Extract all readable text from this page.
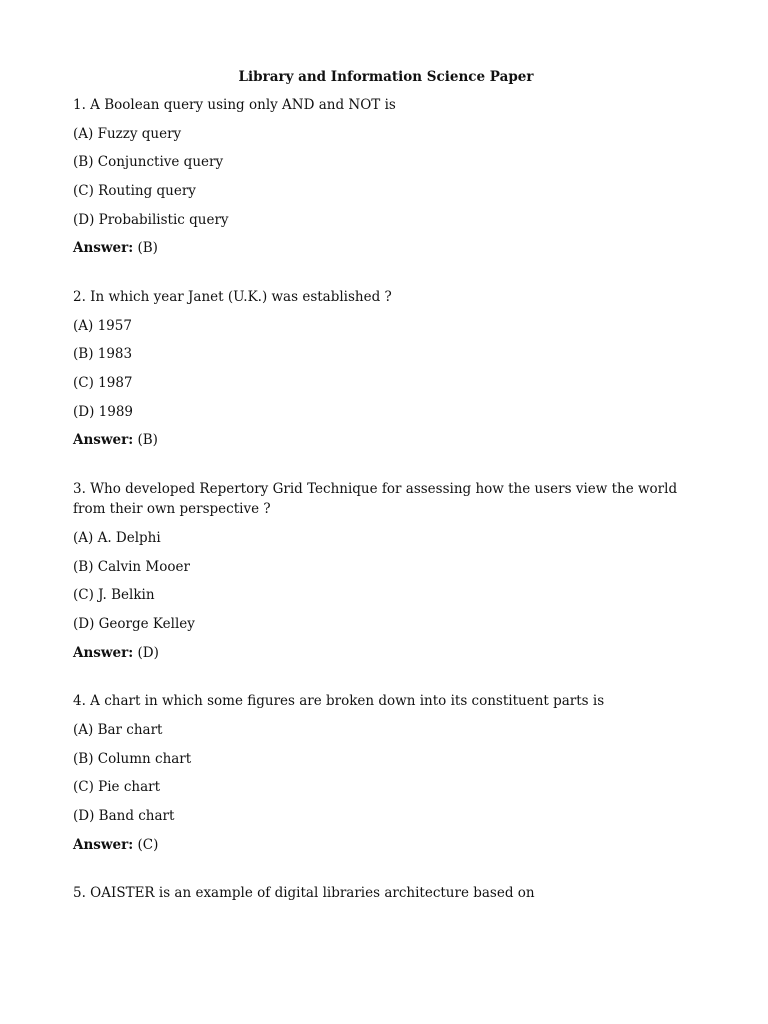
Library and Information Science Paper

1. A Boolean query using only AND and NOT is

(A) Fuzzy query

(B) Conjunctive query

(C) Routing query

(D) Probabilistic query

Answer: (B)

2. In which year Janet (U.K.) was established ?

(A) 1957

(B) 1983

(C) 1987

(D) 1989

Answer: (B)

3. Who developed Repertory Grid Technique for assessing how the users view the world from their own perspective ?

(A) A. Delphi

(B) Calvin Mooer

(C) J. Belkin

(D) George Kelley

Answer: (D)

4. A chart in which some figures are broken down into its constituent parts is

(A) Bar chart

(B) Column chart

(C) Pie chart

(D) Band chart

Answer: (C)

5. OAISTER is an example of digital libraries architecture based on
